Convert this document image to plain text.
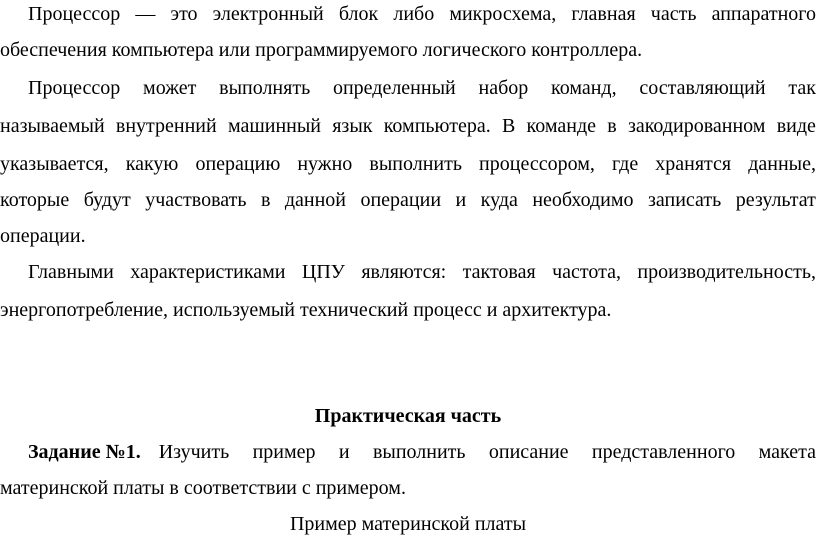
Процессор — это электронный блок либо микросхема, главная часть аппаратного
обеспечения компьютера или программируемого логического контроллера.
Процессор может выполнять определенный набор команд, составляющий так
называемый внутренний машинный язык компьютера. В команде в закодированном виде
указывается, какую операцию нужно выполнить процессором, где хранятся данные,
которые будут участвовать в данной операции и куда необходимо записать результат
операции.
Главными характеристиками ЦПУ являются: тактовая частота, производительность,
энергопотребление, используемый технический процесс и архитектура.
Практическая часть
Задание №1. Изучить пример и выполнить описание представленного макета
материнской платы в соответствии с примером.
Пример материнской платы
